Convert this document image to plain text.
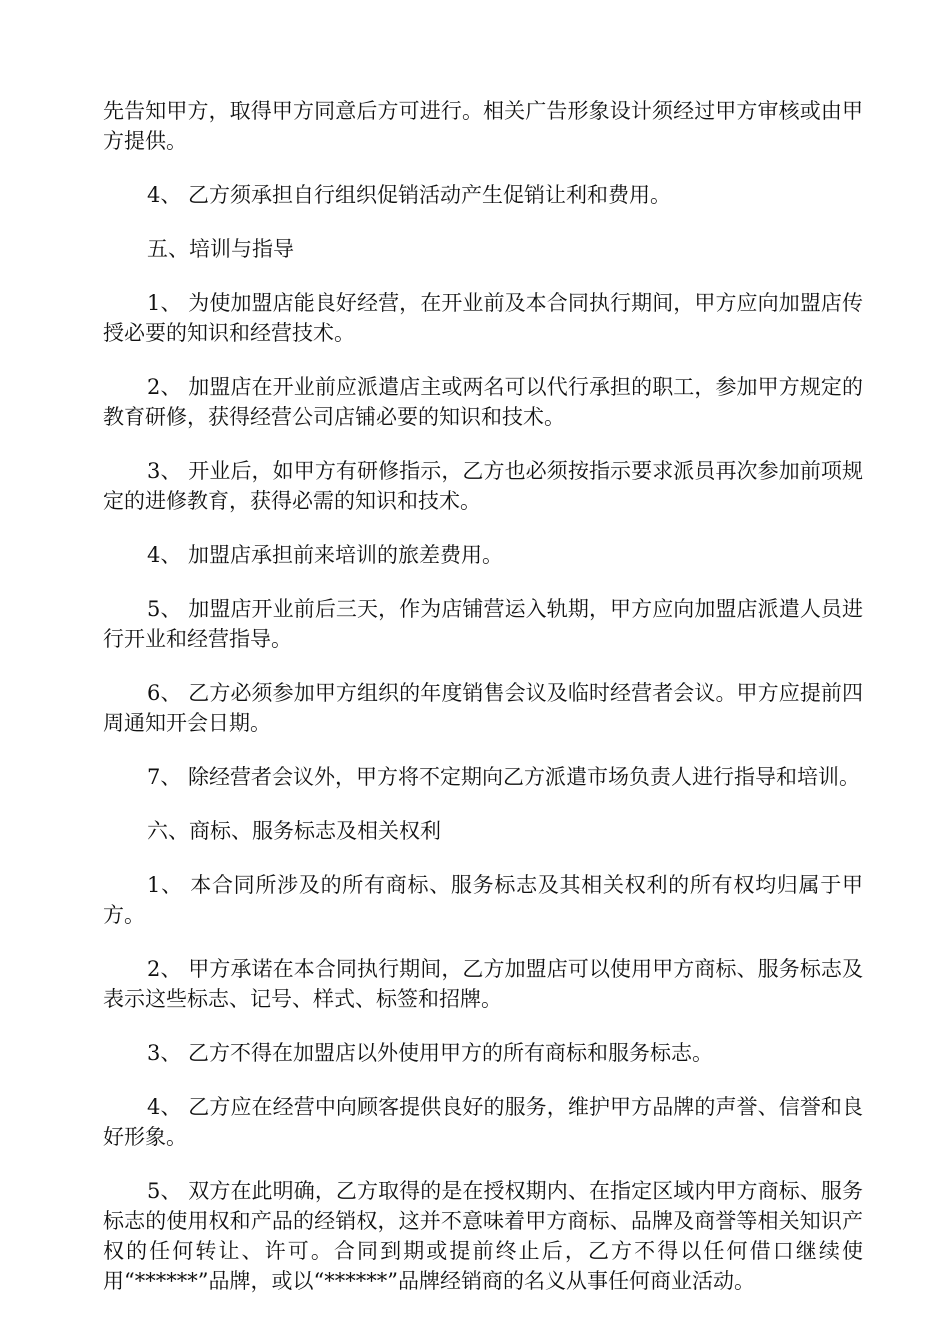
先告知甲方，取得甲方同意后方可进行。相关广告形象设计须经过甲方审核或由甲方提供。

4、 乙方须承担自行组织促销活动产生促销让利和费用。

五、培训与指导

1、 为使加盟店能良好经营，在开业前及本合同执行期间，甲方应向加盟店传授必要的知识和经营技术。

2、 加盟店在开业前应派遣店主或两名可以代行承担的职工，参加甲方规定的教育研修，获得经营公司店铺必要的知识和技术。

3、 开业后，如甲方有研修指示，乙方也必须按指示要求派员再次参加前项规定的进修教育，获得必需的知识和技术。

4、 加盟店承担前来培训的旅差费用。

5、 加盟店开业前后三天，作为店铺营运入轨期，甲方应向加盟店派遣人员进行开业和经营指导。

6、 乙方必须参加甲方组织的年度销售会议及临时经营者会议。甲方应提前四周通知开会日期。

7、 除经营者会议外，甲方将不定期向乙方派遣市场负责人进行指导和培训。

六、商标、服务标志及相关权利

1、 本合同所涉及的所有商标、服务标志及其相关权利的所有权均归属于甲方。

2、 甲方承诺在本合同执行期间，乙方加盟店可以使用甲方商标、服务标志及表示这些标志、记号、样式、标签和招牌。

3、 乙方不得在加盟店以外使用甲方的所有商标和服务标志。

4、 乙方应在经营中向顾客提供良好的服务，维护甲方品牌的声誉、信誉和良好形象。

5、 双方在此明确，乙方取得的是在授权期内、在指定区域内甲方商标、服务标志的使用权和产品的经销权，这并不意味着甲方商标、品牌及商誉等相关知识产权的任何转让、许可。合同到期或提前终止后，乙方不得以任何借口继续使用“******”品牌，或以“******”品牌经销商的名义从事任何商业活动。
